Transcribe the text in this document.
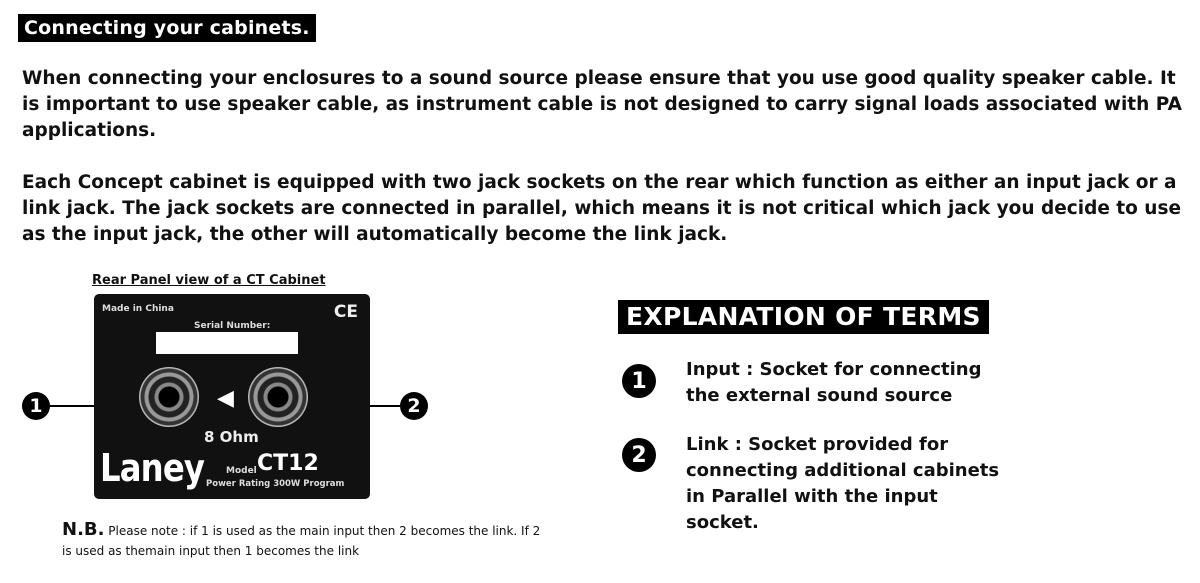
Connecting your cabinets.

When connecting your enclosures to a sound source please ensure that you use good quality speaker cable. It is important to use speaker cable, as instrument cable is not designed to carry signal loads associated with PA applications.

Each Concept cabinet is equipped with two jack sockets on the rear which function as either an input jack or a link jack. The jack sockets are connected in parallel, which means it is not critical which jack you decide to use as the input jack, the other will automatically become the link jack.

Rear Panel view of a CT Cabinet
Made in China	CE
Serial Number:
◀
8 Ohm
Laney Model CT12
Power Rating 300W Program
1	2

N.B. Please note : if 1 is used as the main input then 2 becomes the link. If 2 is used as themain input then 1 becomes the link

EXPLANATION OF TERMS
1	Input : Socket for connecting the external sound source

2	Link : Socket provided for connecting additional cabinets in Parallel with the input socket.
